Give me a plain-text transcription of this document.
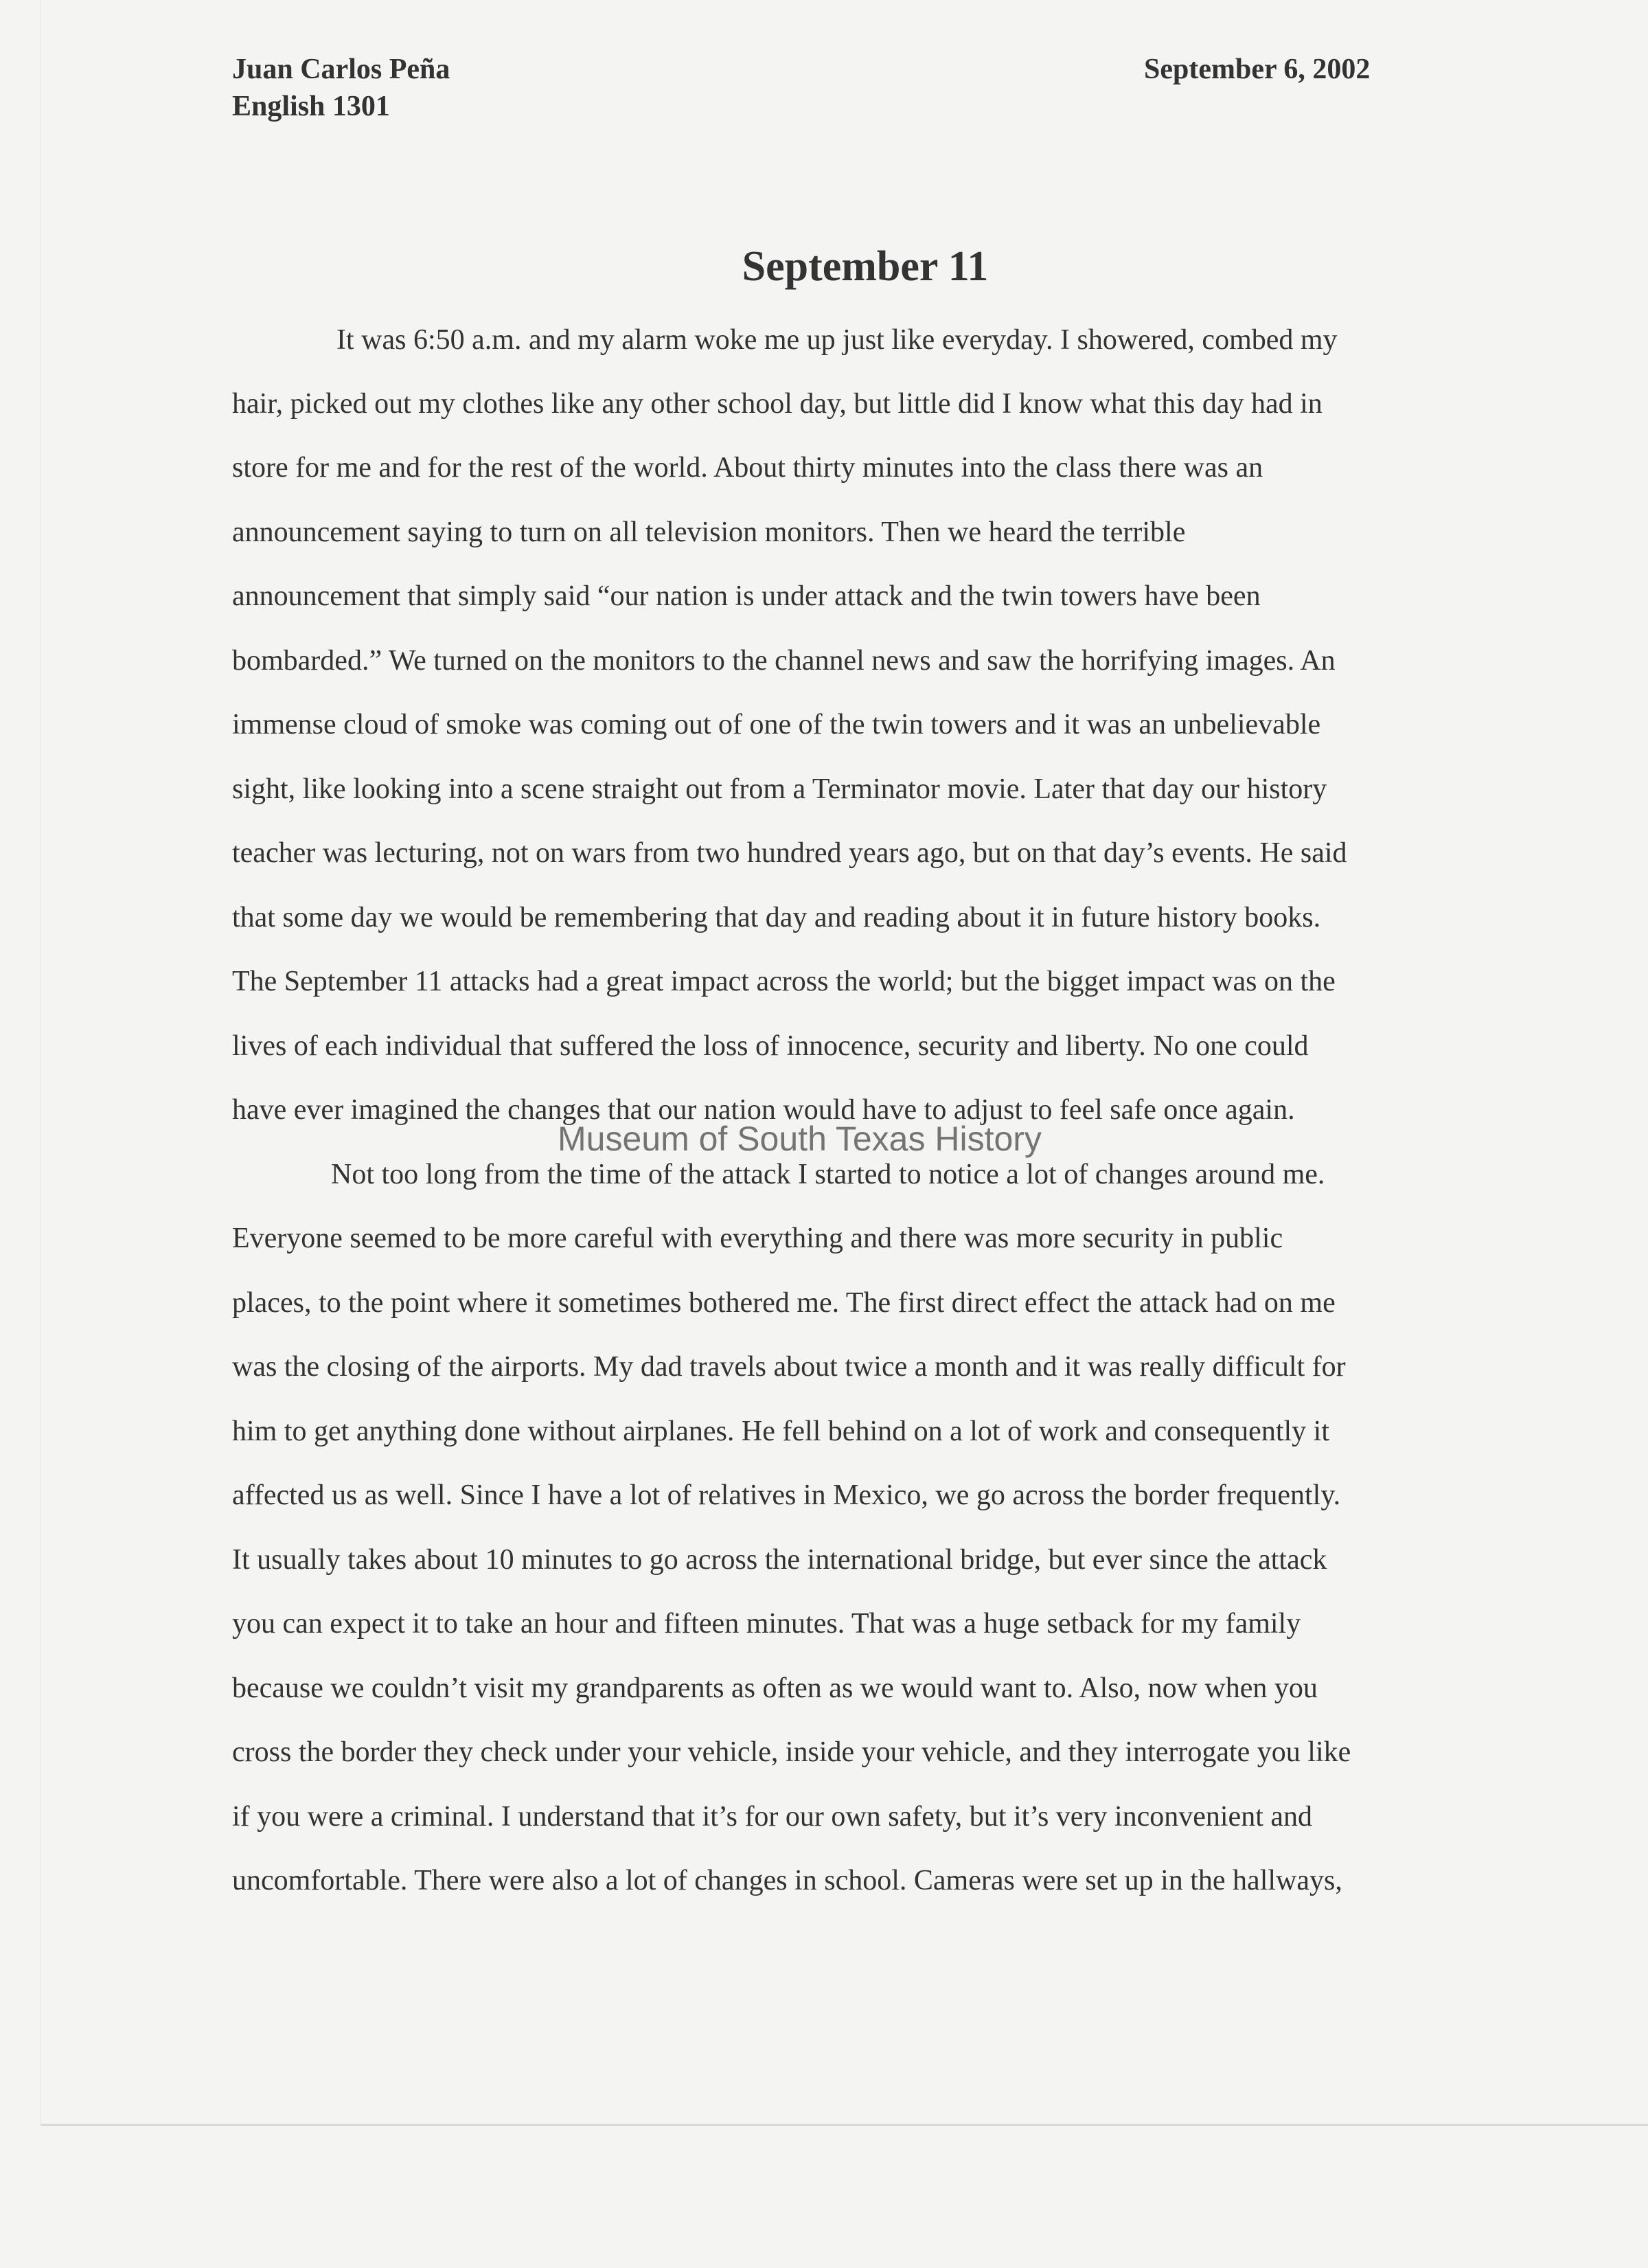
Juan Carlos Peña
English 1301
September 6, 2002
September 11
It was 6:50 a.m. and my alarm woke me up just like everyday. I showered, combed my
hair, picked out my clothes like any other school day, but little did I know what this day had in
store for me and for the rest of the world. About thirty minutes into the class there was an
announcement saying to turn on all television monitors. Then we heard the terrible
announcement that simply said “our nation is under attack and the twin towers have been
bombarded.” We turned on the monitors to the channel news and saw the horrifying images. An
immense cloud of smoke was coming out of one of the twin towers and it was an unbelievable
sight, like looking into a scene straight out from a Terminator movie. Later that day our history
teacher was lecturing, not on wars from two hundred years ago, but on that day’s events. He said
that some day we would be remembering that day and reading about it in future history books.
The September 11 attacks had a great impact across the world; but the bigget impact was on the
lives of each individual that suffered the loss of innocence, security and liberty. No one could
have ever imagined the changes that our nation would have to adjust to feel safe once again.
Not too long from the time of the attack I started to notice a lot of changes around me.
Everyone seemed to be more careful with everything and there was more security in public
places, to the point where it sometimes bothered me. The first direct effect the attack had on me
was the closing of the airports. My dad travels about twice a month and it was really difficult for
him to get anything done without airplanes. He fell behind on a lot of work and consequently it
affected us as well. Since I have a lot of relatives in Mexico, we go across the border frequently.
It usually takes about 10 minutes to go across the international bridge, but ever since the attack
you can expect it to take an hour and fifteen minutes. That was a huge setback for my family
because we couldn’t visit my grandparents as often as we would want to. Also, now when you
cross the border they check under your vehicle, inside your vehicle, and they interrogate you like
if you were a criminal. I understand that it’s for our own safety, but it’s very inconvenient and
uncomfortable. There were also a lot of changes in school. Cameras were set up in the hallways,
Museum of South Texas History
